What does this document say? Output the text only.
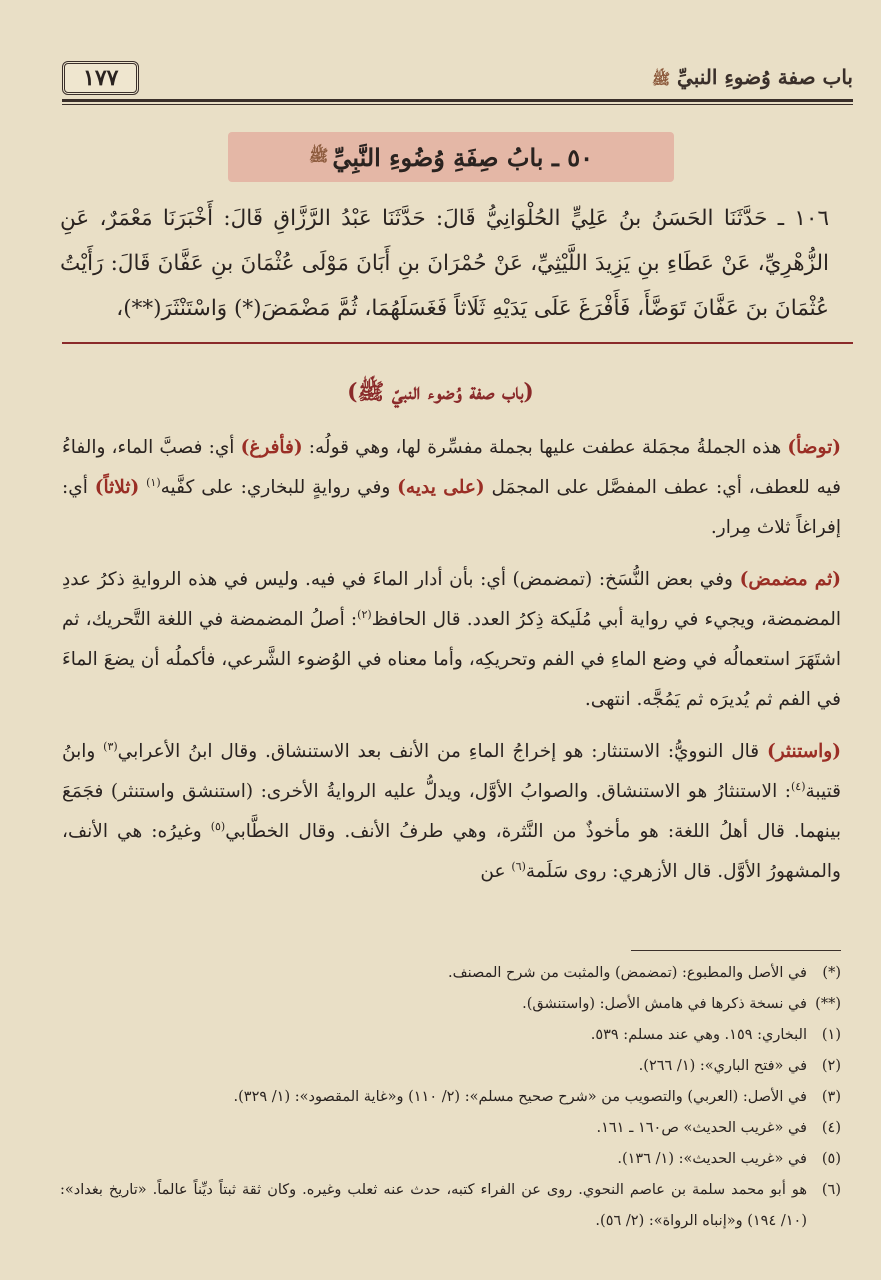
باب صفة وُضوءِ النبيِّ ﷺ
١٧٧
٥٠ ـ بابُ صِفَةِ وُضُوءِ النَّبِيِّ
ﷺ

١٠٦ ـ حَدَّثَنَا الحَسَنُ بنُ عَلِيٍّ الحُلْوَانِيُّ قَالَ: حَدَّثَنَا عَبْدُ الرَّزَّاقِ قَالَ: أَخْبَرَنَا مَعْمَرٌ، عَنِ الزُّهْرِيِّ، عَنْ عَطَاءِ بنِ يَزِيدَ اللَّيْثِيِّ، عَنْ حُمْرَانَ بنِ أَبَانَ مَوْلَى عُثْمَانَ بنِ عَفَّانَ قَالَ: رَأَيْتُ عُثْمَانَ بنَ عَفَّانَ تَوَضَّأَ، فَأَفْرَغَ عَلَى يَدَيْهِ ثَلَاثاً فَغَسَلَهُمَا، ثُمَّ مَضْمَضَ(*) وَاسْتَنْثَرَ(**)،

(باب صفة وُضوء النبيّ ﷺ)

(توضأ) هذه الجملةُ مجمَلة عطفت عليها بجملة مفسِّرة لها، وهي قولُه: (فأفرغ) أي: فصبَّ الماء، والفاءُ فيه للعطف، أي: عطف المفصَّل على المجمَل (على يديه) وفي روايةٍ للبخاري: على كفَّيه$^{(١)}$ (ثلاثاً) أي: إفراغاً ثلاث مِرار.

(ثم مضمض) وفي بعض النُّسَخ: (تمضمض) أي: بأن أدار الماءَ في فيه. وليس في هذه الروايةِ ذكرُ عددِ المضمضة، ويجيء في رواية أبي مُلَيكة ذِكرُ العدد. قال الحافظ$^{(٢)}$: أصلُ المضمضة في اللغة التَّحريك، ثم اشتَهَرَ استعمالُه في وضع الماءِ في الفم وتحريكِه، وأما معناه في الوُضوء الشَّرعي، فأكملُه أن يضعَ الماءَ في الفم ثم يُديرَه ثم يَمُجَّه. انتهى.

(واستنثر) قال النوويُّ: الاستنثار: هو إخراجُ الماءِ من الأنف بعد الاستنشاق. وقال ابنُ الأعرابي$^{(٣)}$ وابنُ قتيبة$^{(٤)}$: الاستنثارُ هو الاستنشاق. والصوابُ الأوَّل، ويدلُّ عليه الروايةُ الأخرى: (استنشق واستنثر) فجَمَعَ بينهما. قال أهلُ اللغة: هو مأخوذٌ من النَّثرة، وهي طرفُ الأنف. وقال الخطَّابي$^{(٥)}$ وغيرُه: هي الأنف، والمشهورُ الأوَّل. قال الأزهري: روى سَلَمة$^{(٦)}$ عن

(*)
في الأصل والمطبوع: (تمضمض) والمثبت من شرح المصنف.
(**)
في نسخة ذكرها في هامش الأصل: (واستنشق).
(١)
البخاري: ١٥٩. وهي عند مسلم: ٥٣٩.
(٢)
في «فتح الباري»: (١/ ٢٦٦).
(٣)
في الأصل: (العربي) والتصويب من «شرح صحيح مسلم»: (٢/ ١١٠) و«غاية المقصود»: (١/ ٣٢٩).
(٤)
في «غريب الحديث» ص١٦٠ ـ ١٦١.
(٥)
في «غريب الحديث»: (١/ ١٣٦).
(٦)
هو أبو محمد سلمة بن عاصم النحوي. روى عن الفراء كتبه، حدث عنه ثعلب وغيره. وكان ثقة ثبتاً ديِّناً عالماً. «تاريخ بغداد»: (١٠/ ١٩٤) و«إنباه الرواة»: (٢/ ٥٦).
